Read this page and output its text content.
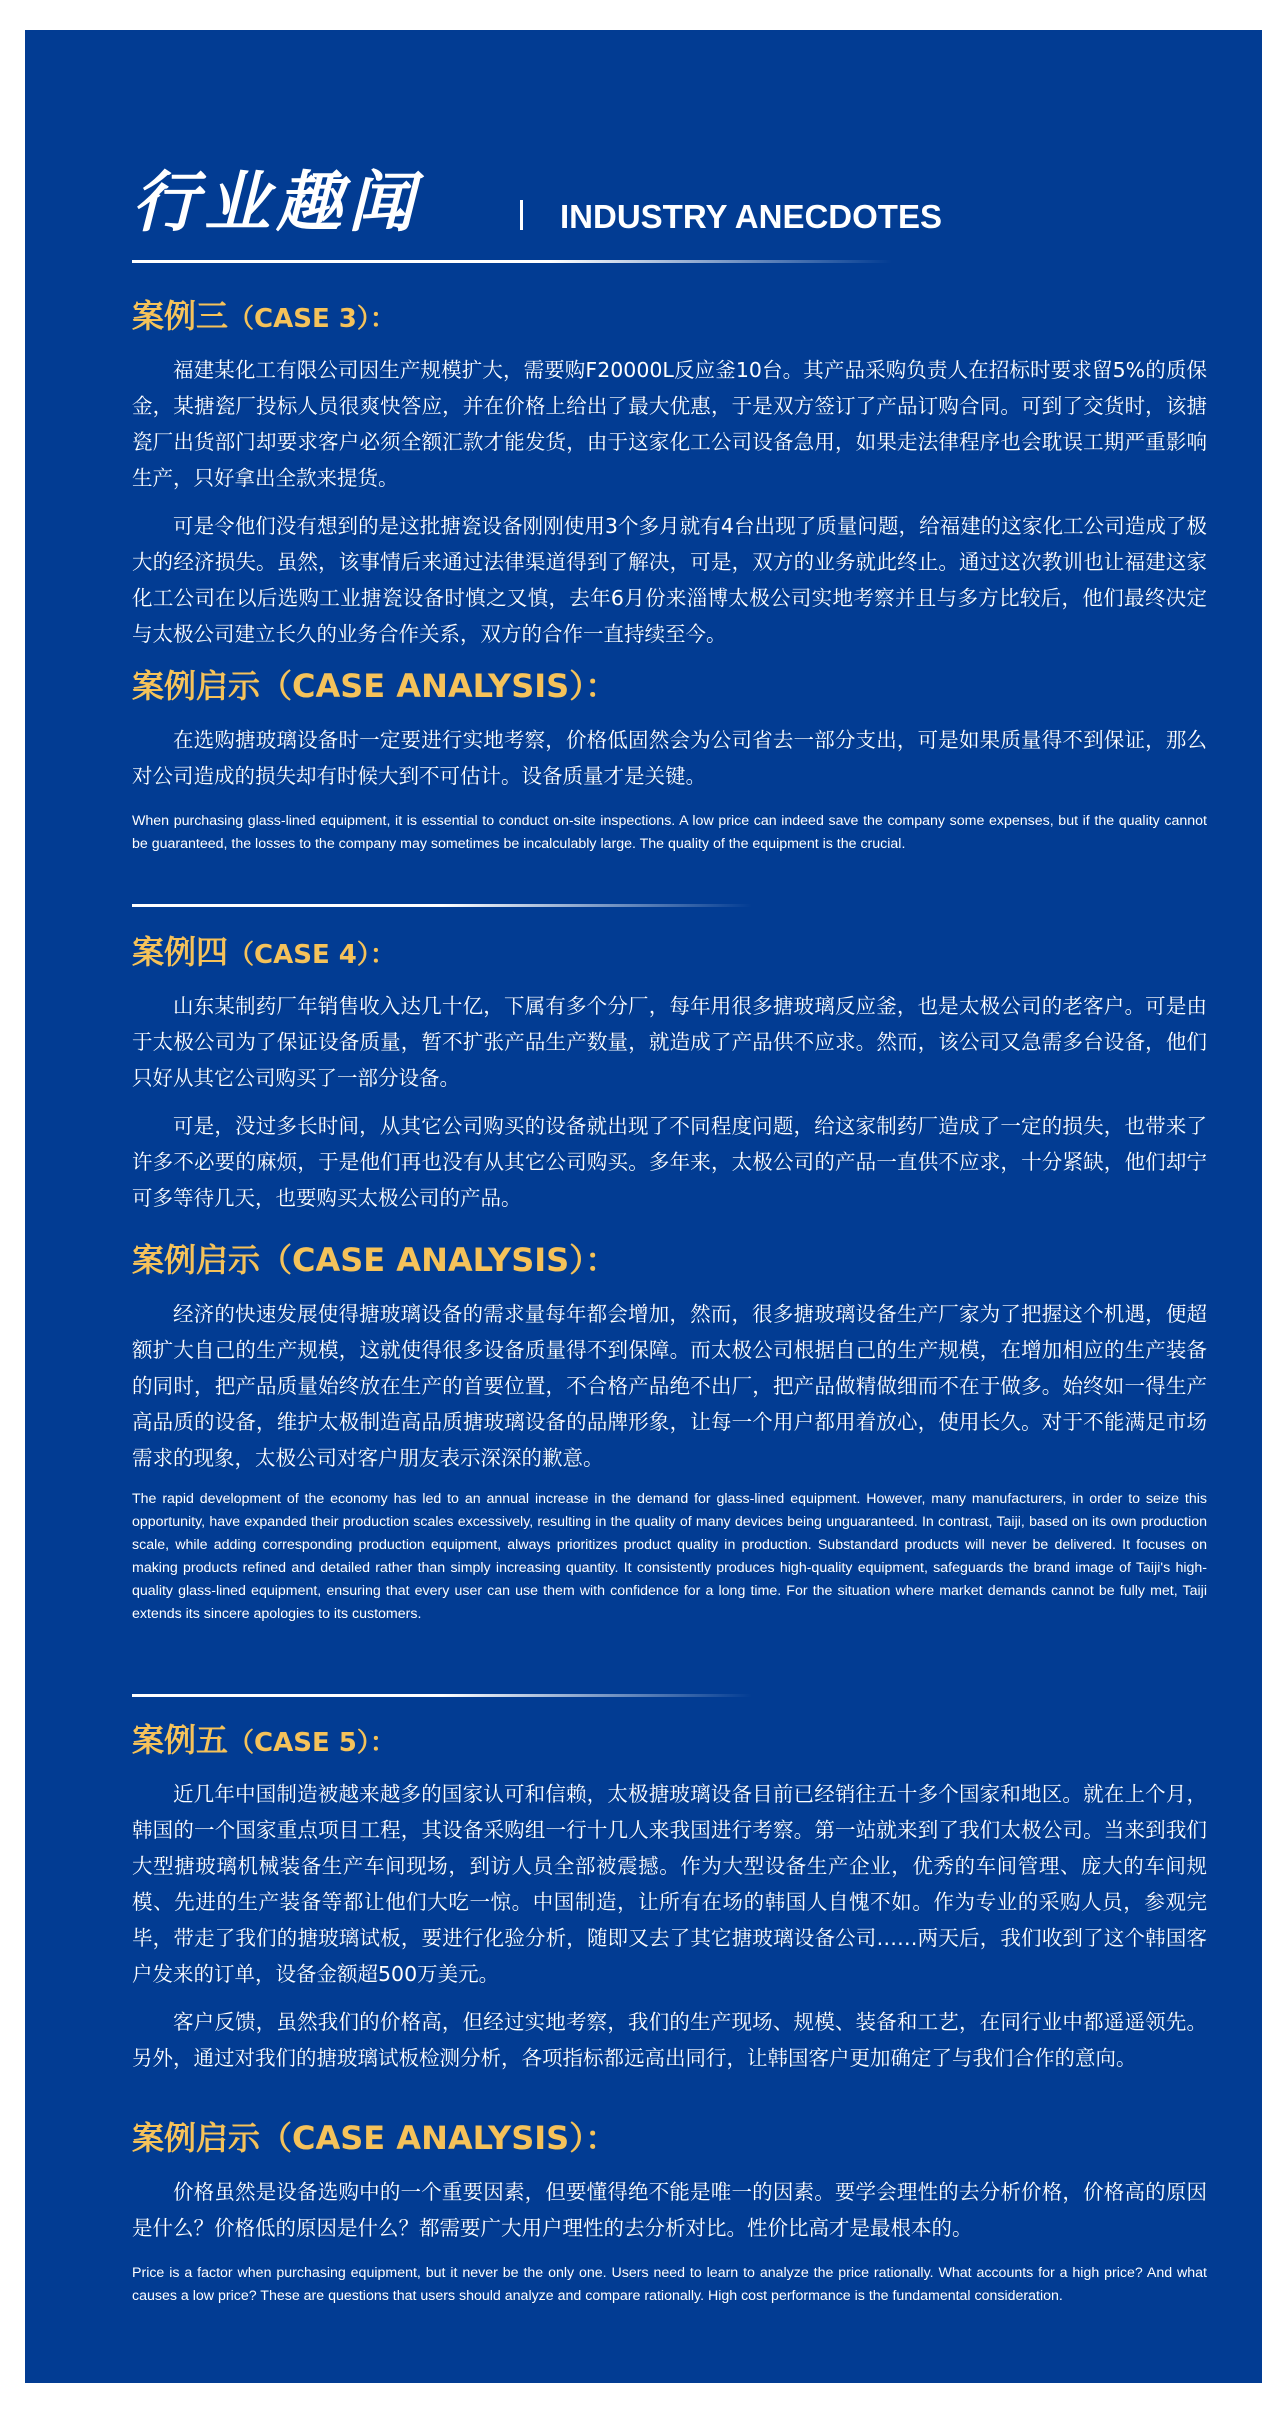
行业趣闻	INDUSTRY ANECDOTES
案例三（CASE 3）：

福建某化工有限公司因生产规模扩大，需要购F20000L反应釜10台。其产品采购负责人在招标时要求留5%的质保金，某搪瓷厂投标人员很爽快答应，并在价格上给出了最大优惠，于是双方签订了产品订购合同。可到了交货时，该搪瓷厂出货部门却要求客户必须全额汇款才能发货，由于这家化工公司设备急用，如果走法律程序也会耽误工期严重影响生产，只好拿出全款来提货。

可是令他们没有想到的是这批搪瓷设备刚刚使用3个多月就有4台出现了质量问题，给福建的这家化工公司造成了极大的经济损失。虽然，该事情后来通过法律渠道得到了解决，可是，双方的业务就此终止。通过这次教训也让福建这家化工公司在以后选购工业搪瓷设备时慎之又慎，去年6月份来淄博太极公司实地考察并且与多方比较后，他们最终决定与太极公司建立长久的业务合作关系，双方的合作一直持续至今。

案例启示（CASE ANALYSIS）：

在选购搪玻璃设备时一定要进行实地考察，价格低固然会为公司省去一部分支出，可是如果质量得不到保证，那么对公司造成的损失却有时候大到不可估计。设备质量才是关键。

When purchasing glass-lined equipment, it is essential to conduct on-site inspections. A low price can indeed save the company some expenses, but if the quality cannot be guaranteed, the losses to the company may sometimes be incalculably large. The quality of the equipment is the crucial.

案例四（CASE 4）：

山东某制药厂年销售收入达几十亿，下属有多个分厂，每年用很多搪玻璃反应釜，也是太极公司的老客户。可是由于太极公司为了保证设备质量，暂不扩张产品生产数量，就造成了产品供不应求。然而，该公司又急需多台设备，他们只好从其它公司购买了一部分设备。

可是，没过多长时间，从其它公司购买的设备就出现了不同程度问题，给这家制药厂造成了一定的损失，也带来了许多不必要的麻烦，于是他们再也没有从其它公司购买。多年来，太极公司的产品一直供不应求，十分紧缺，他们却宁可多等待几天，也要购买太极公司的产品。

案例启示（CASE ANALYSIS）：

经济的快速发展使得搪玻璃设备的需求量每年都会增加，然而，很多搪玻璃设备生产厂家为了把握这个机遇，便超额扩大自己的生产规模，这就使得很多设备质量得不到保障。而太极公司根据自己的生产规模，在增加相应的生产装备的同时，把产品质量始终放在生产的首要位置，不合格产品绝不出厂，把产品做精做细而不在于做多。始终如一得生产高品质的设备，维护太极制造高品质搪玻璃设备的品牌形象，让每一个用户都用着放心，使用长久。对于不能满足市场需求的现象，太极公司对客户朋友表示深深的歉意。

The rapid development of the economy has led to an annual increase in the demand for glass-lined equipment. However, many manufacturers, in order to seize this opportunity, have expanded their production scales excessively, resulting in the quality of many devices being unguaranteed. In contrast, Taiji, based on its own production scale, while adding corresponding production equipment, always prioritizes product quality in production. Substandard products will never be delivered. It focuses on making products refined and detailed rather than simply increasing quantity. It consistently produces high-quality equipment, safeguards the brand image of Taiji's high-quality glass-lined equipment, ensuring that every user can use them with confidence for a long time. For the situation where market demands cannot be fully met, Taiji extends its sincere apologies to its customers.

案例五（CASE 5）：

近几年中国制造被越来越多的国家认可和信赖，太极搪玻璃设备目前已经销往五十多个国家和地区。就在上个月，韩国的一个国家重点项目工程，其设备采购组一行十几人来我国进行考察。第一站就来到了我们太极公司。当来到我们大型搪玻璃机械装备生产车间现场，到访人员全部被震撼。作为大型设备生产企业，优秀的车间管理、庞大的车间规模、先进的生产装备等都让他们大吃一惊。中国制造，让所有在场的韩国人自愧不如。作为专业的采购人员，参观完毕，带走了我们的搪玻璃试板，要进行化验分析，随即又去了其它搪玻璃设备公司……两天后，我们收到了这个韩国客户发来的订单，设备金额超500万美元。

客户反馈，虽然我们的价格高，但经过实地考察，我们的生产现场、规模、装备和工艺，在同行业中都遥遥领先。另外，通过对我们的搪玻璃试板检测分析，各项指标都远高出同行，让韩国客户更加确定了与我们合作的意向。

案例启示（CASE ANALYSIS）：

价格虽然是设备选购中的一个重要因素，但要懂得绝不能是唯一的因素。要学会理性的去分析价格，价格高的原因是什么？价格低的原因是什么？都需要广大用户理性的去分析对比。性价比高才是最根本的。

Price is a factor when purchasing equipment, but it never be the only one. Users need to learn to analyze the price rationally. What accounts for a high price? And what causes a low price? These are questions that users should analyze and compare rationally. High cost performance is the fundamental consideration.
